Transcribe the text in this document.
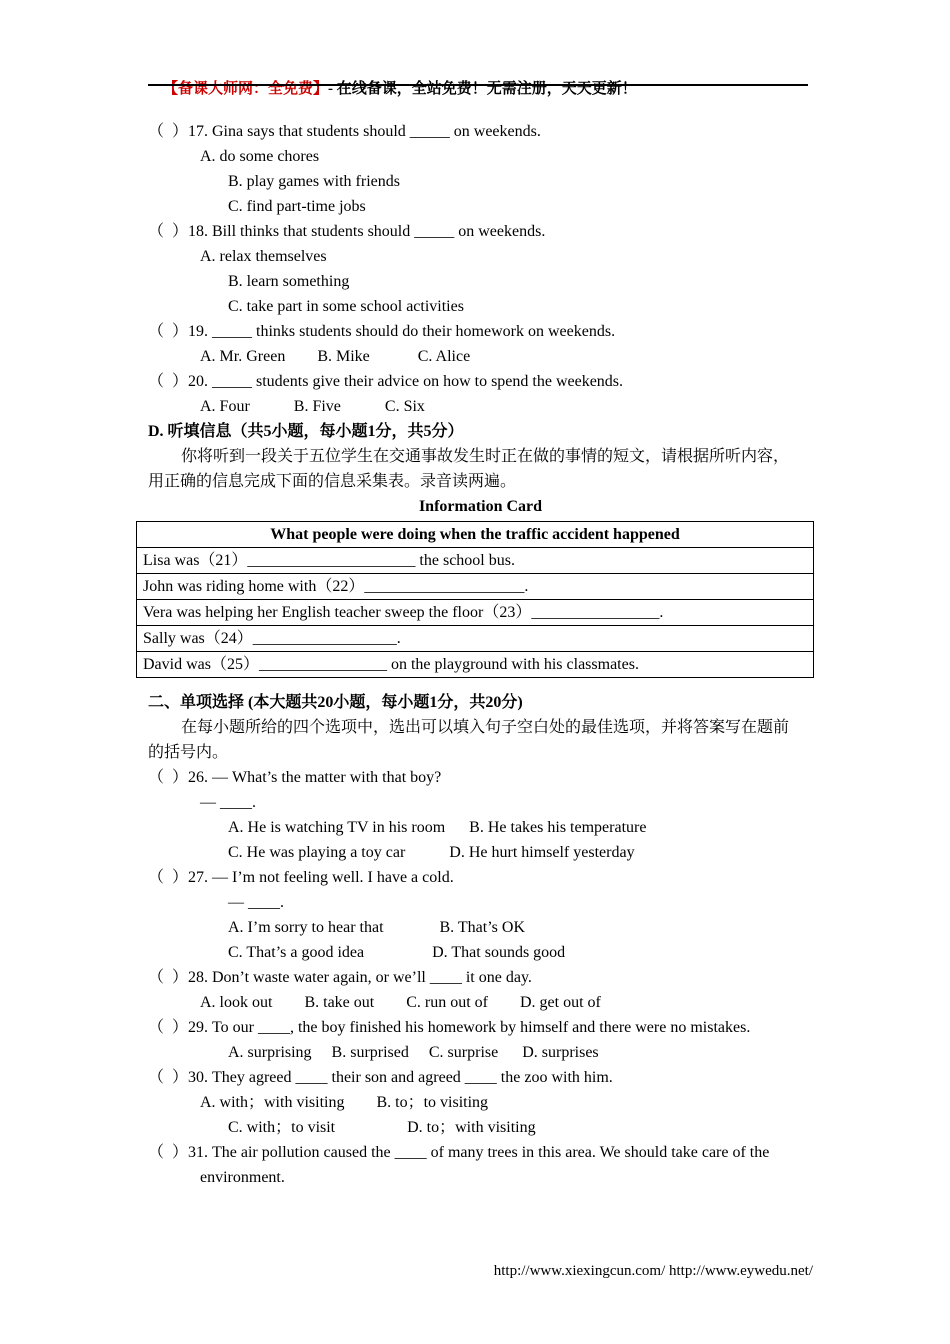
【备课大师网：全免费】- 在线备课，全站免费！无需注册，天天更新！

（  ）17. Gina says that students should _____ on weekends.
A. do some chores
B. play games with friends
C. find part-time jobs
（  ）18. Bill thinks that students should _____ on weekends.
A. relax themselves
B. learn something
C. take part in some school activities
（  ）19. _____ thinks students should do their homework on weekends.
A. Mr. Green        B. Mike            C. Alice
（  ）20. _____ students give their advice on how to spend the weekends.
A. Four           B. Five           C. Six
D. 听填信息（共5小题，每小题1分，共5分）
你将听到一段关于五位学生在交通事故发生时正在做的事情的短文，请根据所听内容，
用正确的信息完成下面的信息采集表。录音读两遍。
Information Card
What people were doing when the traffic accident happened
Lisa was（21）_____________________ the school bus.
John was riding home with（22）____________________.
Vera was helping her English teacher sweep the floor（23）________________.
Sally was（24）__________________.
David was（25）________________ on the playground with his classmates.
二、单项选择 (本大题共20小题，每小题1分，共20分)
在每小题所给的四个选项中，选出可以填入句子空白处的最佳选项，并将答案写在题前
的括号内。
（  ）26. — What’s the matter with that boy?
— ____.
A. He is watching TV in his room      B. He takes his temperature
C. He was playing a toy car           D. He hurt himself yesterday
（  ）27. — I’m not feeling well. I have a cold.
— ____.
A. I’m sorry to hear that              B. That’s OK
C. That’s a good idea                 D. That sounds good
（  ）28. Don’t waste water again, or we’ll ____ it one day.
A. look out        B. take out        C. run out of        D. get out of
（  ）29. To our ____, the boy finished his homework by himself and there were no mistakes.
A. surprising     B. surprised     C. surprise      D. surprises
（  ）30. They agreed ____ their son and agreed ____ the zoo with him.
A. with；with visiting        B. to；to visiting
C. with；to visit                  D. to；with visiting
（  ）31. The air pollution caused the ____ of many trees in this area. We should take care of the
environment.

http://www.xiexingcun.com/ http://www.eywedu.net/
